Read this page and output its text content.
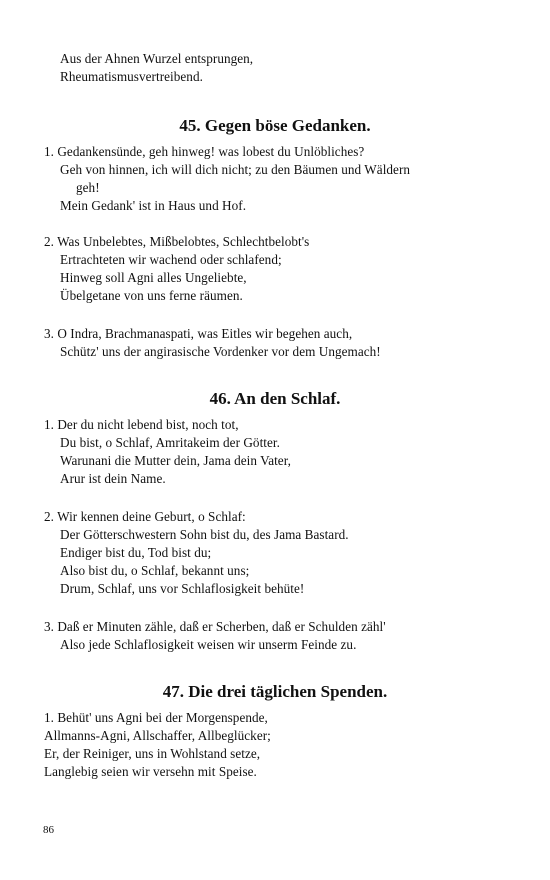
Aus der Ahnen Wurzel entsprungen,
Rheumatismusvertreibend.
45. Gegen böse Gedanken.
1. Gedankensünde, geh hinweg! was lobest du Unlöbliches?
Geh von hinnen, ich will dich nicht; zu den Bäumen und Wäldern
geh!
Mein Gedank' ist in Haus und Hof.
2. Was Unbelebtes, Mißbelobtes, Schlechtbelobt's
Ertrachteten wir wachend oder schlafend;
Hinweg soll Agni alles Ungeliebte,
Übelgetane von uns ferne räumen.
3. O Indra, Brachmanaspati, was Eitles wir begehen auch,
Schütz' uns der angirasische Vordenker vor dem Ungemach!
46. An den Schlaf.
1. Der du nicht lebend bist, noch tot,
Du bist, o Schlaf, Amritakeim der Götter.
Warunani die Mutter dein, Jama dein Vater,
Arur ist dein Name.
2. Wir kennen deine Geburt, o Schlaf:
Der Götterschwestern Sohn bist du, des Jama Bastard.
Endiger bist du, Tod bist du;
Also bist du, o Schlaf, bekannt uns;
Drum, Schlaf, uns vor Schlaflosigkeit behüte!
3. Daß er Minuten zähle, daß er Scherben, daß er Schulden zähl'
Also jede Schlaflosigkeit weisen wir unserm Feinde zu.
47. Die drei täglichen Spenden.
1. Behüt' uns Agni bei der Morgenspende,
Allmanns-Agni, Allschaffer, Allbeglücker;
Er, der Reiniger, uns in Wohlstand setze,
Langlebig seien wir versehn mit Speise.
86
